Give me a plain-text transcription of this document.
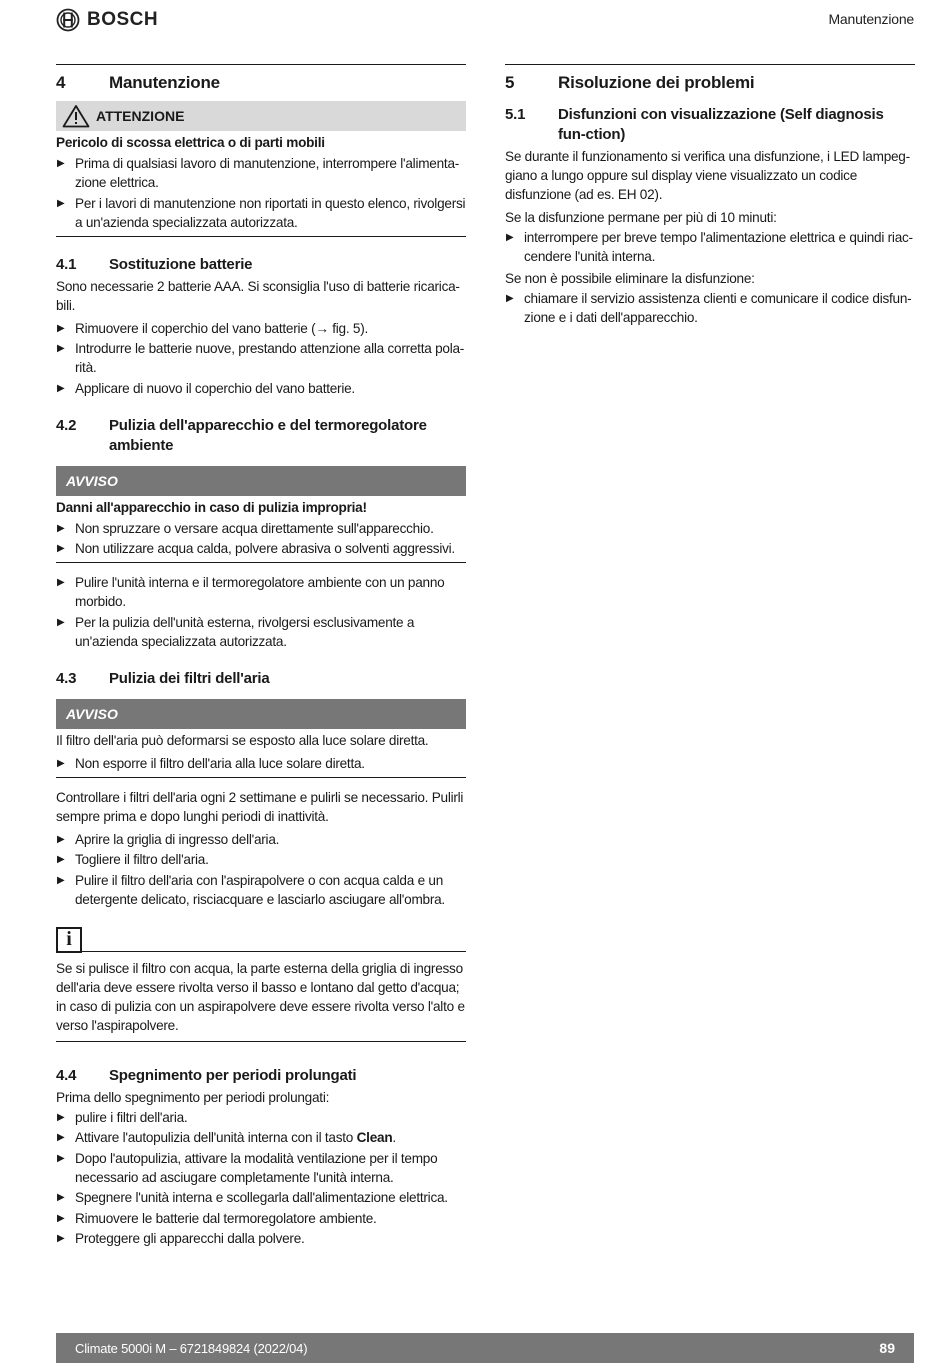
BOSCH	Manutenzione
4	Manutenzione
ATTENZIONE
Pericolo di scossa elettrica o di parti mobili
▶ Prima di qualsiasi lavoro di manutenzione, interrompere l'alimenta-zione elettrica.
▶ Per i lavori di manutenzione non riportati in questo elenco, rivolgersi a un'azienda specializzata autorizzata.
4.1	Sostituzione batterie

Sono necessarie 2 batterie AAA. Si sconsiglia l'uso di batterie ricarica-bili.

▶ Rimuovere il coperchio del vano batterie (→ fig. 5).
▶ Introdurre le batterie nuove, prestando attenzione alla corretta pola-rità.
▶ Applicare di nuovo il coperchio del vano batterie.
4.2	Pulizia dell'apparecchio e del termoregolatore ambiente
AVVISO
Danni all'apparecchio in caso di pulizia impropria!
▶ Non spruzzare o versare acqua direttamente sull'apparecchio.
▶ Non utilizzare acqua calda, polvere abrasiva o solventi aggressivi.
▶ Pulire l'unità interna e il termoregolatore ambiente con un panno morbido.
▶ Per la pulizia dell'unità esterna, rivolgersi esclusivamente a un'azienda specializzata autorizzata.
4.3	Pulizia dei filtri dell'aria
AVVISO

Il filtro dell'aria può deformarsi se esposto alla luce solare diretta.

▶ Non esporre il filtro dell'aria alla luce solare diretta.

Controllare i filtri dell'aria ogni 2 settimane e pulirli se necessario. Pulirli sempre prima e dopo lunghi periodi di inattività.

▶ Aprire la griglia di ingresso dell'aria.
▶ Togliere il filtro dell'aria.
▶ Pulire il filtro dell'aria con l'aspirapolvere o con acqua calda e un detergente delicato, risciacquare e lasciarlo asciugare all'ombra.
i

Se si pulisce il filtro con acqua, la parte esterna della griglia di ingresso dell'aria deve essere rivolta verso il basso e lontano dal getto d'acqua; in caso di pulizia con un aspirapolvere deve essere rivolta verso l'alto e verso l'aspirapolvere.

4.4	Spegnimento per periodi prolungati

Prima dello spegnimento per periodi prolungati:

▶ pulire i filtri dell'aria.
▶ Attivare l'autopulizia dell'unità interna con il tasto Clean.
▶ Dopo l'autopulizia, attivare la modalità ventilazione per il tempo necessario ad asciugare completamente l'unità interna.
▶ Spegnere l'unità interna e scollegarla dall'alimentazione elettrica.
▶ Rimuovere le batterie dal termoregolatore ambiente.
▶ Proteggere gli apparecchi dalla polvere.
5	Risoluzione dei problemi
5.1	Disfunzioni con visualizzazione (Self diagnosis fun-ction)

Se durante il funzionamento si verifica una disfunzione, i LED lampeg-giano a lungo oppure sul display viene visualizzato un codice disfunzione (ad es. EH 02).

Se la disfunzione permane per più di 10 minuti:

▶ interrompere per breve tempo l'alimentazione elettrica e quindi riac-cendere l'unità interna.

Se non è possibile eliminare la disfunzione:

▶ chiamare il servizio assistenza clienti e comunicare il codice disfun-zione e i dati dell'apparecchio.
Climate 5000i M – 6721849824 (2022/04)	89
